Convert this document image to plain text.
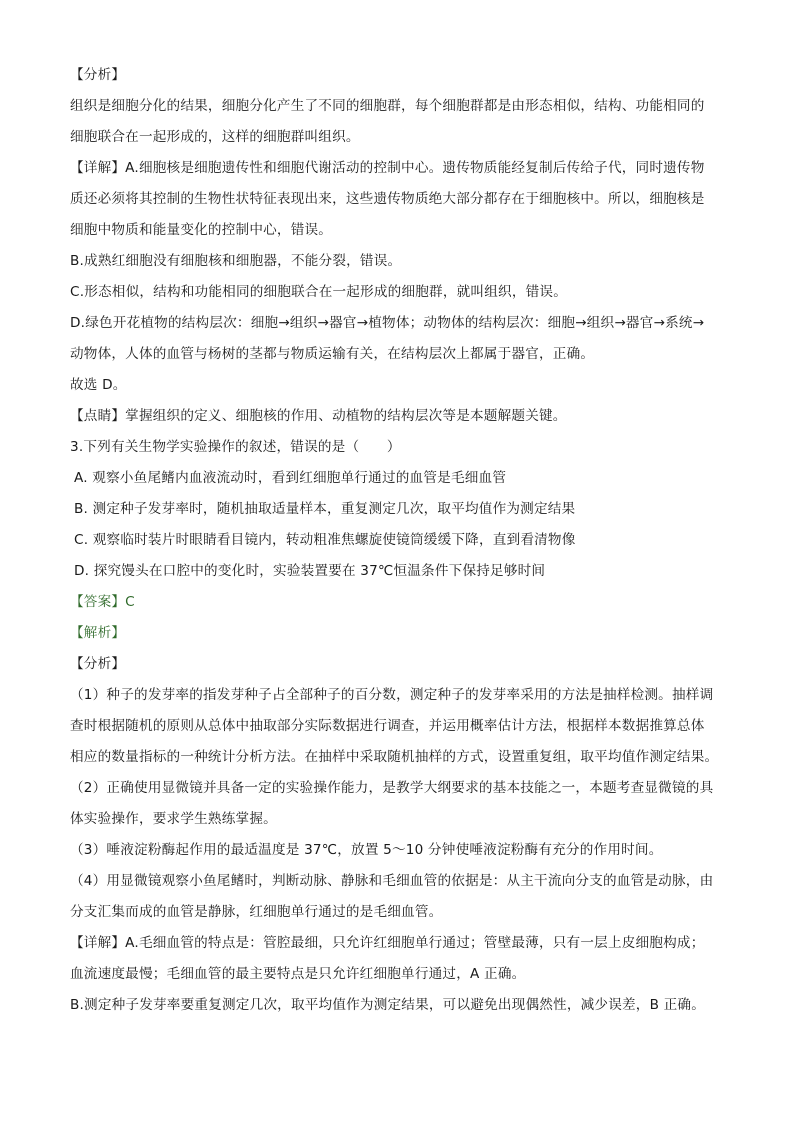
【分析】
组织是细胞分化的结果，细胞分化产生了不同的细胞群，每个细胞群都是由形态相似，结构、功能相同的
细胞联合在一起形成的，这样的细胞群叫组织。
【详解】A.细胞核是细胞遗传性和细胞代谢活动的控制中心。遗传物质能经复制后传给子代，同时遗传物
质还必须将其控制的生物性状特征表现出来，这些遗传物质绝大部分都存在于细胞核中。所以，细胞核是
细胞中物质和能量变化的控制中心，错误。
B.成熟红细胞没有细胞核和细胞器，不能分裂，错误。
C.形态相似，结构和功能相同的细胞联合在一起形成的细胞群，就叫组织，错误。
D.绿色开花植物的结构层次：细胞→组织→器官→植物体；动物体的结构层次：细胞→组织→器官→系统→
动物体，人体的血管与杨树的茎都与物质运输有关，在结构层次上都属于器官，正确。
故选 D。
【点睛】掌握组织的定义、细胞核的作用、动植物的结构层次等是本题解题关键。
3.下列有关生物学实验操作的叙述，错误的是（　　）
A. 观察小鱼尾鳍内血液流动时，看到红细胞单行通过的血管是毛细血管
B. 测定种子发芽率时，随机抽取适量样本，重复测定几次，取平均值作为测定结果
C. 观察临时装片时眼睛看目镜内，转动粗准焦螺旋使镜筒缓缓下降，直到看清物像
D. 探究馒头在口腔中的变化时，实验装置要在 37℃恒温条件下保持足够时间
【答案】C
【解析】
【分析】
（1）种子的发芽率的指发芽种子占全部种子的百分数，测定种子的发芽率采用的方法是抽样检测。抽样调
查时根据随机的原则从总体中抽取部分实际数据进行调查，并运用概率估计方法，根据样本数据推算总体
相应的数量指标的一种统计分析方法。在抽样中采取随机抽样的方式，设置重复组，取平均值作测定结果。
（2）正确使用显微镜并具备一定的实验操作能力，是教学大纲要求的基本技能之一，本题考查显微镜的具
体实验操作，要求学生熟练掌握。
（3）唾液淀粉酶起作用的最适温度是 37℃，放置 5～10 分钟使唾液淀粉酶有充分的作用时间。
（4）用显微镜观察小鱼尾鳍时，判断动脉、静脉和毛细血管的依据是：从主干流向分支的血管是动脉，由
分支汇集而成的血管是静脉，红细胞单行通过的是毛细血管。
【详解】A.毛细血管的特点是：管腔最细，只允许红细胞单行通过；管壁最薄，只有一层上皮细胞构成；
血流速度最慢；毛细血管的最主要特点是只允许红细胞单行通过，A 正确。
B.测定种子发芽率要重复测定几次，取平均值作为测定结果，可以避免出现偶然性，减少误差，B 正确。
